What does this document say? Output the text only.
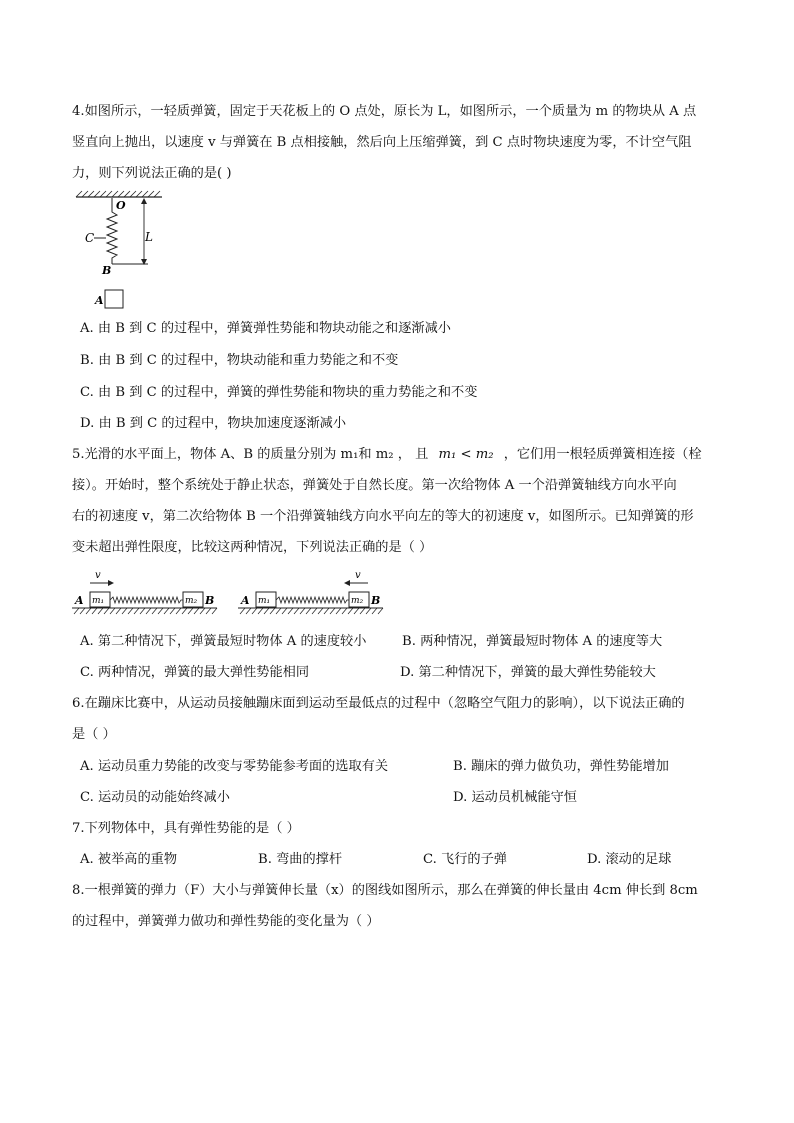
4.如图所示，一轻质弹簧，固定于天花板上的 O 点处，原长为 L，如图所示，一个质量为 m 的物块从 A 点
竖直向上抛出，以速度 v 与弹簧在 B 点相接触，然后向上压缩弹簧，到 C 点时物块速度为零，不计空气阻
力，则下列说法正确的是( )
O
C	L
B
A
A. 由 B 到 C 的过程中，弹簧弹性势能和物块动能之和逐渐减小
B. 由 B 到 C 的过程中，物块动能和重力势能之和不变
C. 由 B 到 C 的过程中，弹簧的弹性势能和物块的重力势能之和不变
D. 由 B 到 C 的过程中，物块加速度逐渐减小
5.光滑的水平面上，物体 A、B 的质量分别为 m₁和 m₂ ， 且 m₁ < m₂ ，它们用一根轻质弹簧相连接（栓
接）。开始时，整个系统处于静止状态，弹簧处于自然长度。第一次给物体 A 一个沿弹簧轴线方向水平向
右的初速度 v，第二次给物体 B 一个沿弹簧轴线方向水平向左的等大的初速度 v，如图所示。已知弹簧的形
变未超出弹性限度，比较这两种情况，下列说法正确的是（ ）
v
A m₁	m₂ B
v
A m₁	m₂ B
A. 第二种情况下，弹簧最短时物体 A 的速度较小	B. 两种情况，弹簧最短时物体 A 的速度等大
C. 两种情况，弹簧的最大弹性势能相同	D. 第二种情况下，弹簧的最大弹性势能较大
6.在蹦床比赛中，从运动员接触蹦床面到运动至最低点的过程中（忽略空气阻力的影响），以下说法正确的
是（ ）
A. 运动员重力势能的改变与零势能参考面的选取有关	B. 蹦床的弹力做负功，弹性势能增加
C. 运动员的动能始终减小	D. 运动员机械能守恒
7.下列物体中，具有弹性势能的是（ ）
A. 被举高的重物	B. 弯曲的撑杆	C. 飞行的子弹	D. 滚动的足球
8.一根弹簧的弹力（F）大小与弹簧伸长量（x）的图线如图所示，那么在弹簧的伸长量由 4cm 伸长到 8cm
的过程中，弹簧弹力做功和弹性势能的变化量为（ ）
